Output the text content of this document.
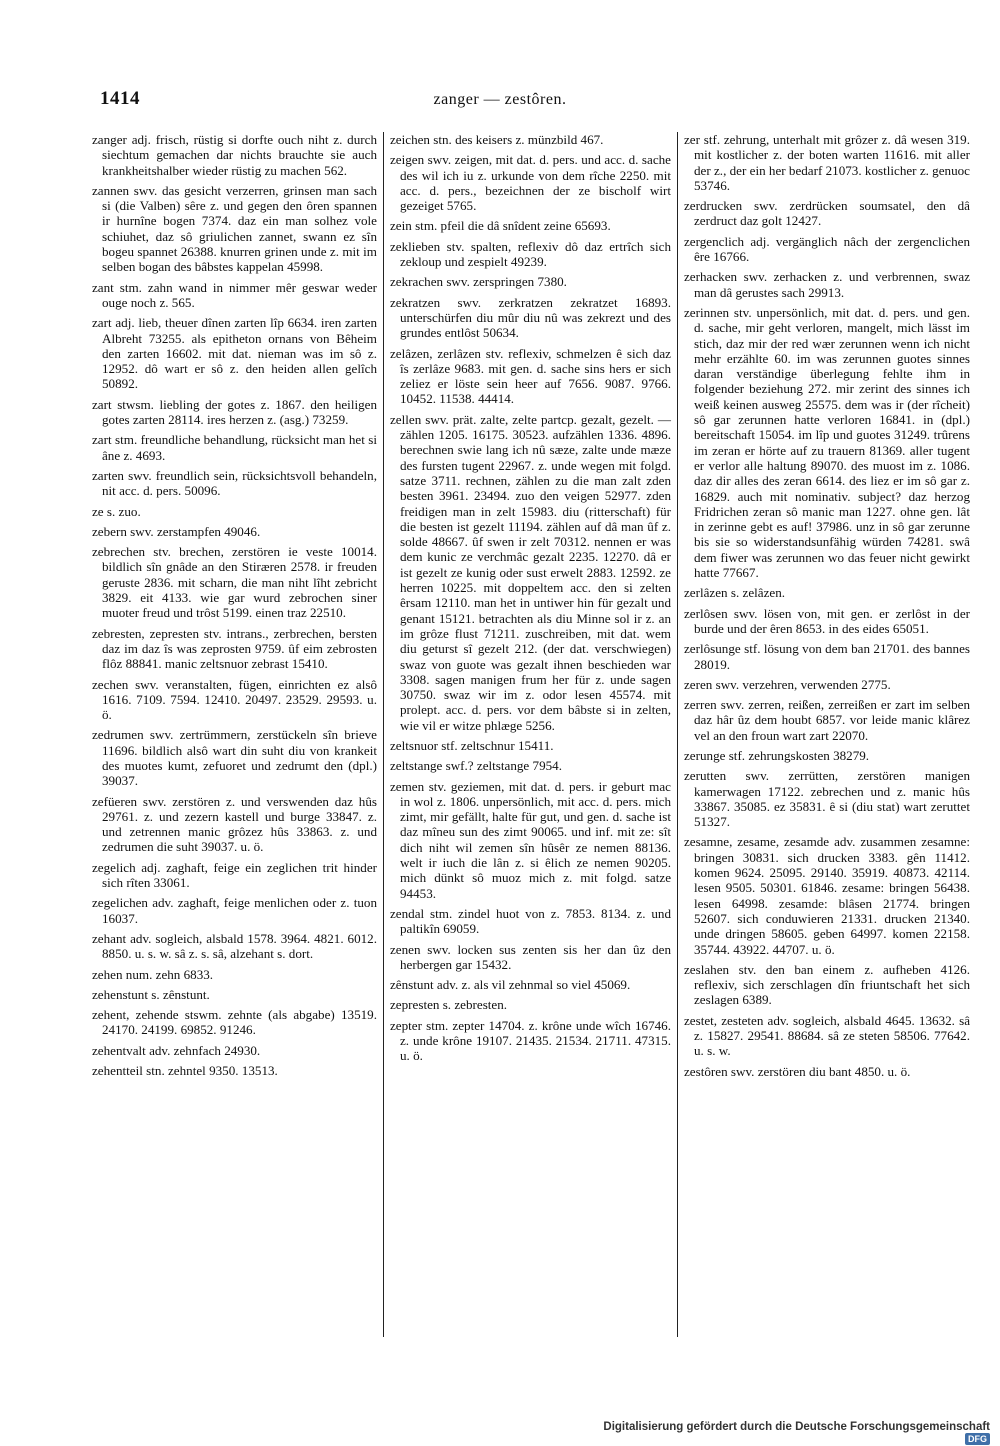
1414	zanger — zestôren.

zanger adj. frisch, rüstig si dorfte ouch niht z. durch siechtum gemachen dar nichts brauchte sie auch krankheitshalber wieder rüstig zu machen 562.

zannen swv. das gesicht verzerren, grinsen man sach si (die Valben) sêre z. und gegen den ôren spannen ir hurnîne bogen 7374. daz ein man solhez vole schiuhet, daz sô griulichen zannet, swann ez sîn bogeu spannet 26388. knurren grinen unde z. mit im selben bogan des bâbstes kappelan 45998.

zant stm. zahn wand in nimmer mêr geswar weder ouge noch z. 565.

zart adj. lieb, theuer dînen zarten lîp 6634. iren zarten Albreht 73255. als epitheton ornans von Bêheim den zarten 16602. mit dat. nieman was im sô z. 12952. dô wart er sô z. den heiden allen gelîch 50892.

zart stwsm. liebling der gotes z. 1867. den heiligen gotes zarten 28114. ires herzen z. (asg.) 73259.

zart stm. freundliche behandlung, rücksicht man het si âne z. 4693.

zarten swv. freundlich sein, rücksichtsvoll behandeln, nit acc. d. pers. 50096.

ze s. zuo.

zebern swv. zerstampfen 49046.

zebrechen stv. brechen, zerstören ie veste 10014. bildlich sîn gnâde an den Stiræren 2578. ir freuden geruste 2836. mit scharn, die man niht lîht zebricht 3829. eit 4133. wie gar wurd zebrochen siner muoter freud und trôst 5199. einen traz 22510.

zebresten, zepresten stv. intrans., zerbrechen, bersten daz im daz îs was zeprosten 9759. ûf eim zebrosten flôz 88841. manic zeltsnuor zebrast 15410.

zechen swv. veranstalten, fügen, einrichten ez alsô 1616. 7109. 7594. 12410. 20497. 23529. 29593. u. ö.

zedrumen swv. zertrümmern, zerstückeln sîn brieve 11696. bildlich alsô wart din suht diu von krankeit des muotes kumt, zefuoret und zedrumt den (dpl.) 39037.

zefüeren swv. zerstören z. und verswenden daz hûs 29761. z. und zezern kastell und burge 33847. z. und zetrennen manic grôzez hûs 33863. z. und zedrumen die suht 39037. u. ö.

zegelich adj. zaghaft, feige ein zeglichen trit hinder sich rîten 33061.

zegelichen adv. zaghaft, feige menlichen oder z. tuon 16037.

zehant adv. sogleich, alsbald 1578. 3964. 4821. 6012. 8850. u. s. w. sâ z. s. sâ, alzehant s. dort.

zehen num. zehn 6833.

zehenstunt s. zênstunt.

zehent, zehende stswm. zehnte (als abgabe) 13519. 24170. 24199. 69852. 91246.

zehentvalt adv. zehnfach 24930.

zehentteil stn. zehntel 9350. 13513.

zeichen stn. des keisers z. münzbild 467.

zeigen swv. zeigen, mit dat. d. pers. und acc. d. sache des wil ich iu z. urkunde von dem rîche 2250. mit acc. d. pers., bezeichnen der ze bischolf wirt gezeiget 5765.

zein stm. pfeil die dâ snîdent zeine 65693.

zeklieben stv. spalten, reflexiv dô daz ertrîch sich zekloup und zespielt 49239.

zekrachen swv. zerspringen 7380.

zekratzen swv. zerkratzen zekratzet 16893. unterschürfen diu mûr diu nû was zekrezt und des grundes entlôst 50634.

zelâzen, zerlâzen stv. reflexiv, schmelzen ê sich daz îs zerlâze 9683. mit gen. d. sache sins hers er sich zeliez er löste sein heer auf 7656. 9087. 9766. 10452. 11538. 44414.

zellen swv. prät. zalte, zelte partcp. gezalt, gezelt. — zählen 1205. 16175. 30523. aufzählen 1336. 4896. berechnen swie lang ich nû sæze, zalte unde mæze des fursten tugent 22967. z. unde wegen mit folgd. satze 3711. rechnen, zählen zu die man zalt zden besten 3961. 23494. zuo den veigen 52977. zden freidigen man in zelt 15983. diu (ritterschaft) für die besten ist gezelt 11194. zählen auf dâ man ûf z. solde 48667. ûf swen ir zelt 70312. nennen er was dem kunic ze verchmâc gezalt 2235. 12270. dâ er ist gezelt ze kunig oder sust erwelt 2883. 12592. ze herren 10225. mit doppeltem acc. den si zelten êrsam 12110. man het in untiwer hin für gezalt und genant 15121. betrachten als diu Minne sol ir z. an im grôze flust 71211. zuschreiben, mit dat. wem diu geturst sî gezelt 212. (der dat. verschwiegen) swaz von guote was gezalt ihnen beschieden war 3308. sagen manigen frum her für z. unde sagen 30750. swaz wir im z. odor lesen 45574. mit prolept. acc. d. pers. vor dem bâbste si in zelten, wie vil er witze phlæge 5256.

zeltsnuor stf. zeltschnur 15411.

zeltstange swf.? zeltstange 7954.

zemen stv. geziemen, mit dat. d. pers. ir geburt mac in wol z. 1806. unpersönlich, mit acc. d. pers. mich zimt, mir gefällt, halte für gut, und gen. d. sache ist daz mîneu sun des zimt 90065. und inf. mit ze: sît dich niht wil zemen sîn hûsêr ze nemen 88136. welt ir iuch die lân z. si êlich ze nemen 90205. mich dünkt sô muoz mich z. mit folgd. satze 94453.

zendal stm. zindel huot von z. 7853. 8134. z. und paltikîn 69059.

zenen swv. locken sus zenten sis her dan ûz den herbergen gar 15432.

zênstunt adv. z. als vil zehnmal so viel 45069.

zepresten s. zebresten.

zepter stm. zepter 14704. z. krône unde wîch 16746. z. unde krône 19107. 21435. 21534. 21711. 47315. u. ö.

zer stf. zehrung, unterhalt mit grôzer z. dâ wesen 319. mit kostlicher z. der boten warten 11616. mit aller der z., der ein her bedarf 21073. kostlicher z. genuoc 53746.

zerdrucken swv. zerdrücken soumsatel, den dâ zerdruct daz golt 12427.

zergenclich adj. vergänglich nâch der zergenclichen êre 16766.

zerhacken swv. zerhacken z. und verbrennen, swaz man dâ gerustes sach 29913.

zerinnen stv. unpersönlich, mit dat. d. pers. und gen. d. sache, mir geht verloren, mangelt, mich lässt im stich, daz mir der red wær zerunnen wenn ich nicht mehr erzählte 60. im was zerunnen guotes sinnes daran verständige überlegung fehlte ihm in folgender beziehung 272. mir zerint des sinnes ich weiß keinen ausweg 25575. dem was ir (der rîcheit) sô gar zerunnen hatte verloren 16841. in (dpl.) bereitschaft 15054. im lîp und guotes 31249. trûrens im zeran er hörte auf zu trauern 81369. aller tugent er verlor alle haltung 89070. des muost im z. 1086. daz dir alles des zeran 6614. des liez er im sô gar z. 16829. auch mit nominativ. subject? daz herzog Fridrichen zeran sô manic man 1227. ohne gen. lât in zerinne gebt es auf! 37986. unz in sô gar zerunne bis sie so widerstandsunfähig würden 74281. swâ dem fiwer was zerunnen wo das feuer nicht gewirkt hatte 77667.

zerlâzen s. zelâzen.

zerlôsen swv. lösen von, mit gen. er zerlôst in der burde und der êren 8653. in des eides 65051.

zerlôsunge stf. lösung von dem ban 21701. des bannes 28019.

zeren swv. verzehren, verwenden 2775.

zerren swv. zerren, reißen, zerreißen er zart im selben daz hâr ûz dem houbt 6857. vor leide manic klârez vel an den froun wart zart 22070.

zerunge stf. zehrungskosten 38279.

zerutten swv. zerrütten, zerstören manigen kamerwagen 17122. zebrechen und z. manic hûs 33867. 35085. ez 35831. ê si (diu stat) wart zeruttet 51327.

zesamne, zesame, zesamde adv. zusammen zesamne: bringen 30831. sich drucken 3383. gên 11412. komen 9624. 25095. 29140. 35919. 40873. 42114. lesen 9505. 50301. 61846. zesame: bringen 56438. lesen 64998. zesamde: blâsen 21774. bringen 52607. sich conduwieren 21331. drucken 21340. unde dringen 58605. geben 64997. komen 22158. 35744. 43922. 44707. u. ö.

zeslahen stv. den ban einem z. aufheben 4126. reflexiv, sich zerschlagen dîn friuntschaft het sich zeslagen 6389.

zestet, zesteten adv. sogleich, alsbald 4645. 13632. sâ z. 15827. 29541. 88684. sâ ze steten 58506. 77642. u. s. w.

zestôren swv. zerstören diu bant 4850. u. ö.

Digitalisierung gefördert durch die Deutsche Forschungsgemeinschaft DFG
